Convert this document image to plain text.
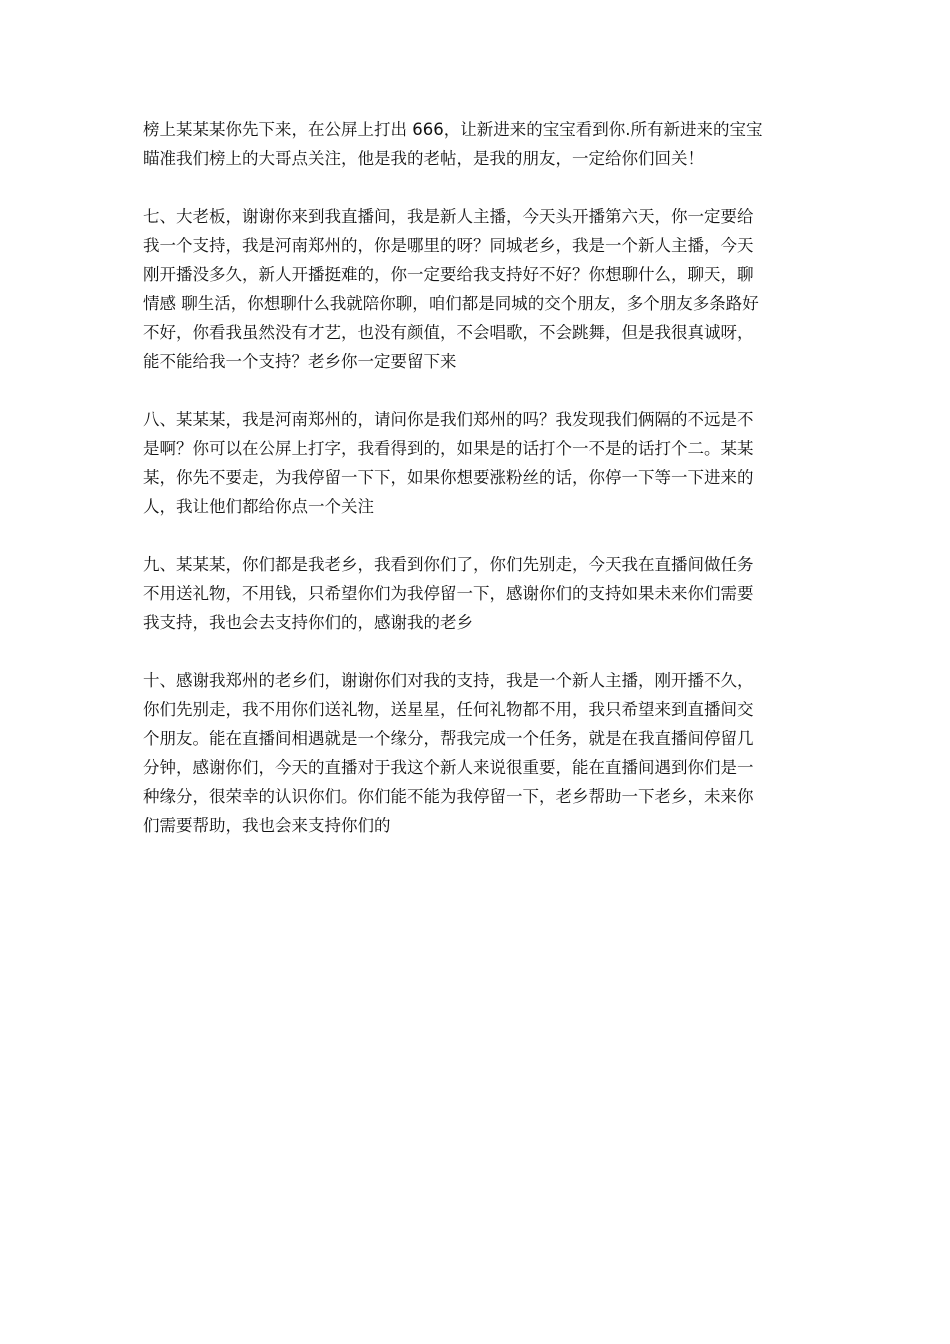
榜上某某某你先下来，在公屏上打出 666，让新进来的宝宝看到你.所有新进来的宝宝
瞄准我们榜上的大哥点关注，他是我的老帖，是我的朋友，一定给你们回关！

七、大老板，谢谢你来到我直播间，我是新人主播，今天头开播第六天，你一定要给
我一个支持，我是河南郑州的，你是哪里的呀？同城老乡，我是一个新人主播，今天
刚开播没多久，新人开播挺难的，你一定要给我支持好不好？你想聊什么，聊天，聊
情感 聊生活，你想聊什么我就陪你聊，咱们都是同城的交个朋友，多个朋友多条路好
不好，你看我虽然没有才艺，也没有颜值，不会唱歌，不会跳舞，但是我很真诚呀，
能不能给我一个支持？老乡你一定要留下来

八、某某某，我是河南郑州的，请问你是我们郑州的吗？我发现我们俩隔的不远是不
是啊？你可以在公屏上打字，我看得到的，如果是的话打个一不是的话打个二。某某
某，你先不要走，为我停留一下下，如果你想要涨粉丝的话，你停一下等一下进来的
人，我让他们都给你点一个关注

九、某某某，你们都是我老乡，我看到你们了，你们先别走，今天我在直播间做任务
不用送礼物，不用钱，只希望你们为我停留一下，感谢你们的支持如果未来你们需要
我支持，我也会去支持你们的，感谢我的老乡

十、感谢我郑州的老乡们，谢谢你们对我的支持，我是一个新人主播，刚开播不久，
你们先别走，我不用你们送礼物，送星星，任何礼物都不用，我只希望来到直播间交
个朋友。能在直播间相遇就是一个缘分，帮我完成一个任务，就是在我直播间停留几
分钟，感谢你们，今天的直播对于我这个新人来说很重要，能在直播间遇到你们是一
种缘分，很荣幸的认识你们。你们能不能为我停留一下，老乡帮助一下老乡，未来你
们需要帮助，我也会来支持你们的
